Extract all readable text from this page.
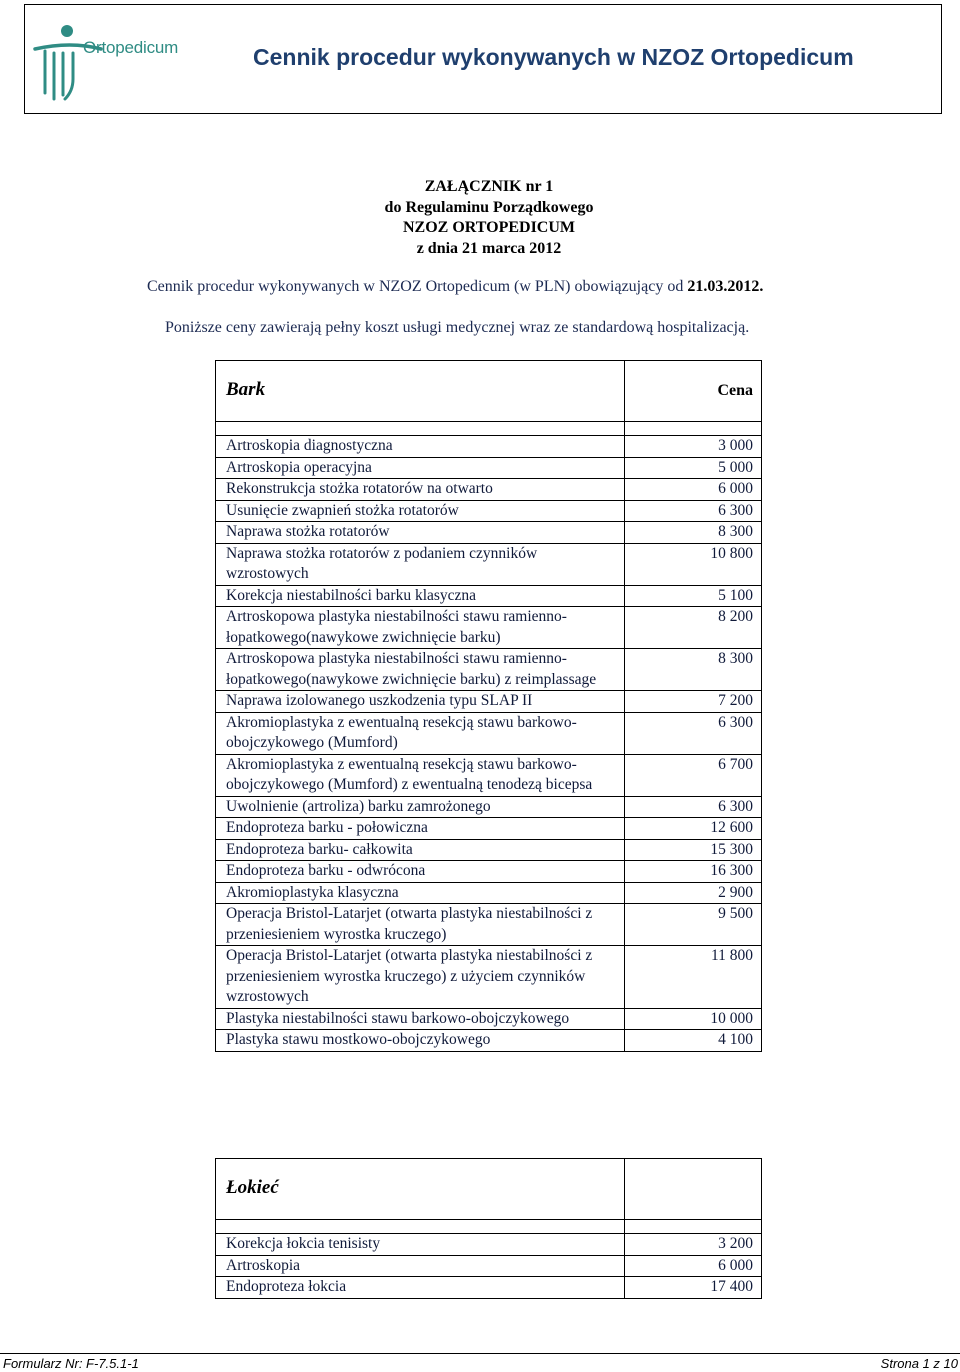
Ortopedicum	Cennik procedur wykonywanych w NZOZ Ortopedicum
ZAŁĄCZNIK nr 1
do Regulaminu Porządkowego
NZOZ ORTOPEDICUM
z dnia 21 marca 2012
Cennik procedur wykonywanych w NZOZ Ortopedicum (w PLN) obowiązujący od 21.03.2012.
Poniższe ceny zawierają pełny koszt usługi medycznej wraz ze standardową hospitalizacją.
Bark	Cena

Artroskopia diagnostyczna	3 000
Artroskopia operacyjna	5 000
Rekonstrukcja stożka rotatorów na otwarto	6 000
Usunięcie zwapnień stożka rotatorów	6 300
Naprawa stożka rotatorów	8 300
Naprawa stożka rotatorów z podaniem czynników wzrostowych	10 800
Korekcja niestabilności barku klasyczna	5 100
Artroskopowa plastyka niestabilności stawu ramienno-łopatkowego(nawykowe zwichnięcie barku)	8 200
Artroskopowa plastyka niestabilności stawu ramienno-łopatkowego(nawykowe zwichnięcie barku) z reimplassage	8 300
Naprawa izolowanego uszkodzenia typu SLAP II	7 200
Akromioplastyka z ewentualną resekcją stawu barkowo-obojczykowego (Mumford)	6 300
Akromioplastyka z ewentualną resekcją stawu barkowo-obojczykowego (Mumford) z ewentualną tenodezą bicepsa	6 700
Uwolnienie (artroliza) barku zamrożonego	6 300
Endoproteza barku - połowiczna	12 600
Endoproteza barku- całkowita	15 300
Endoproteza barku - odwrócona	16 300
Akromioplastyka klasyczna	2 900
Operacja Bristol-Latarjet (otwarta plastyka niestabilności z przeniesieniem wyrostka kruczego)	9 500
Operacja Bristol-Latarjet (otwarta plastyka niestabilności z przeniesieniem wyrostka kruczego) z użyciem czynników wzrostowych	11 800
Plastyka niestabilności stawu barkowo-obojczykowego	10 000
Plastyka stawu mostkowo-obojczykowego	4 100
Łokieć	

Korekcja łokcia tenisisty	3 200
Artroskopia	6 000
Endoproteza łokcia	17 400
Formularz Nr: F-7.5.1-1	Strona 1 z 10
